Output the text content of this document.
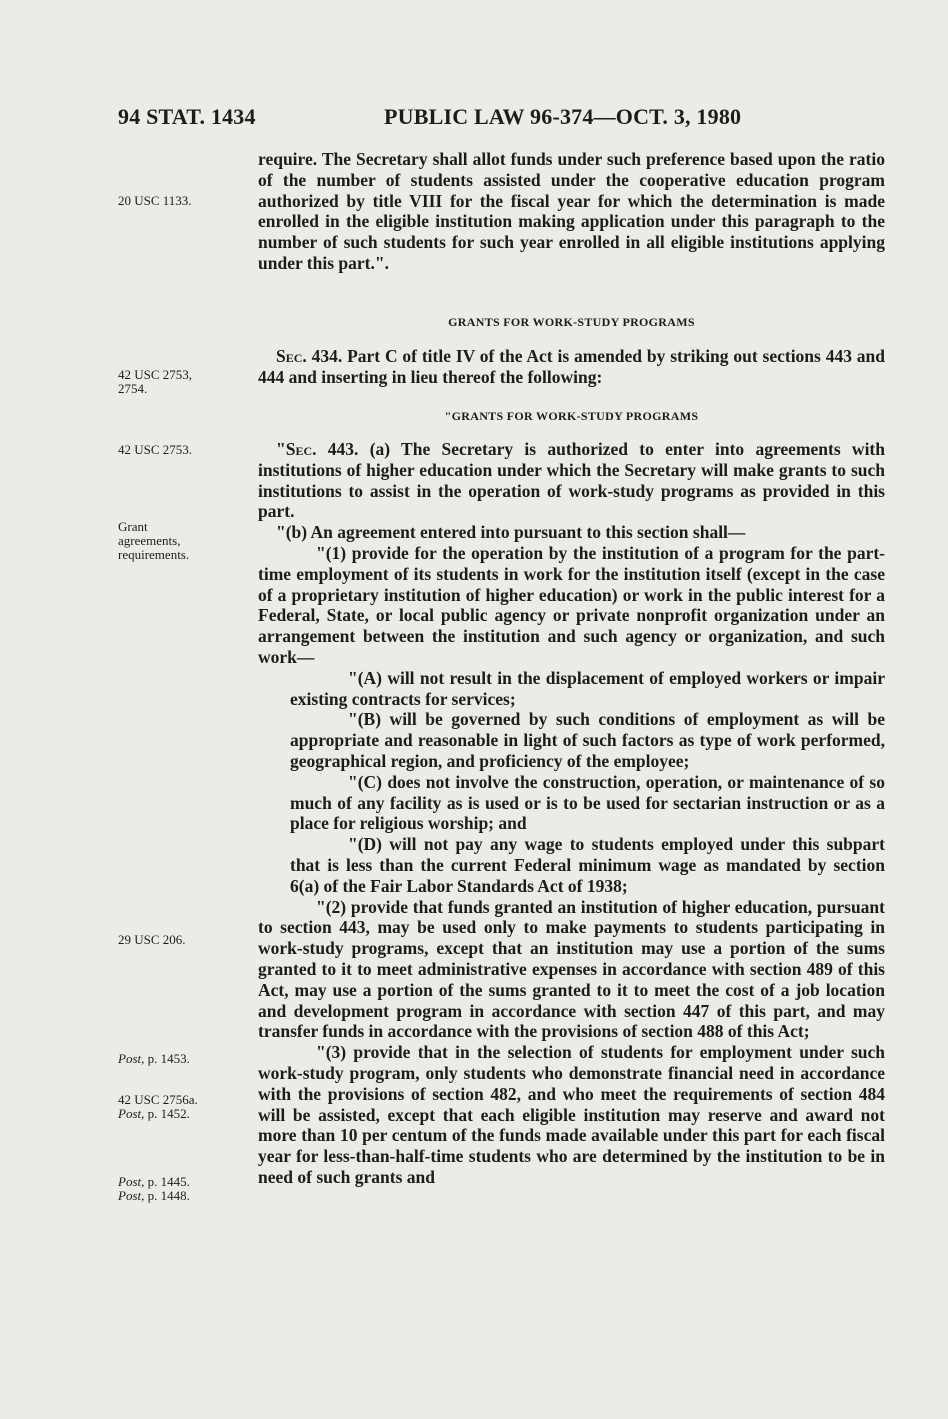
94 STAT. 1434	PUBLIC LAW 96-374—OCT. 3, 1980
20 USC 1133.
42 USC 2753,
2754.
42 USC 2753.
Grant
agreements,
requirements.
29 USC 206.
Post, p. 1453.
42 USC 2756a.
Post, p. 1452.
Post, p. 1445.
Post, p. 1448.

require. The Secretary shall allot funds under such preference based upon the ratio of the number of students assisted under the cooperative education program authorized by title VIII for the fiscal year for which the determination is made enrolled in the eligible institution making application under this paragraph to the number of such students for such year enrolled in all eligible institutions applying under this part.".

GRANTS FOR WORK-STUDY PROGRAMS

Sec. 434. Part C of title IV of the Act is amended by striking out sections 443 and 444 and inserting in lieu thereof the following:

"GRANTS FOR WORK-STUDY PROGRAMS

"Sec. 443. (a) The Secretary is authorized to enter into agreements with institutions of higher education under which the Secretary will make grants to such institutions to assist in the operation of work-study programs as provided in this part.

"(b) An agreement entered into pursuant to this section shall—

"(1) provide for the operation by the institution of a program for the part-time employment of its students in work for the institution itself (except in the case of a proprietary institution of higher education) or work in the public interest for a Federal, State, or local public agency or private nonprofit organization under an arrangement between the institution and such agency or organization, and such work—

"(A) will not result in the displacement of employed workers or impair existing contracts for services;

"(B) will be governed by such conditions of employment as will be appropriate and reasonable in light of such factors as type of work performed, geographical region, and proficiency of the employee;

"(C) does not involve the construction, operation, or maintenance of so much of any facility as is used or is to be used for sectarian instruction or as a place for religious worship; and

"(D) will not pay any wage to students employed under this subpart that is less than the current Federal minimum wage as mandated by section 6(a) of the Fair Labor Standards Act of 1938;

"(2) provide that funds granted an institution of higher education, pursuant to section 443, may be used only to make payments to students participating in work-study programs, except that an institution may use a portion of the sums granted to it to meet administrative expenses in accordance with section 489 of this Act, may use a portion of the sums granted to it to meet the cost of a job location and development program in accordance with section 447 of this part, and may transfer funds in accordance with the provisions of section 488 of this Act;

"(3) provide that in the selection of students for employment under such work-study program, only students who demonstrate financial need in accordance with the provisions of section 482, and who meet the requirements of section 484 will be assisted, except that each eligible institution may reserve and award not more than 10 per centum of the funds made available under this part for each fiscal year for less-than-half-time students who are determined by the institution to be in need of such grants and
